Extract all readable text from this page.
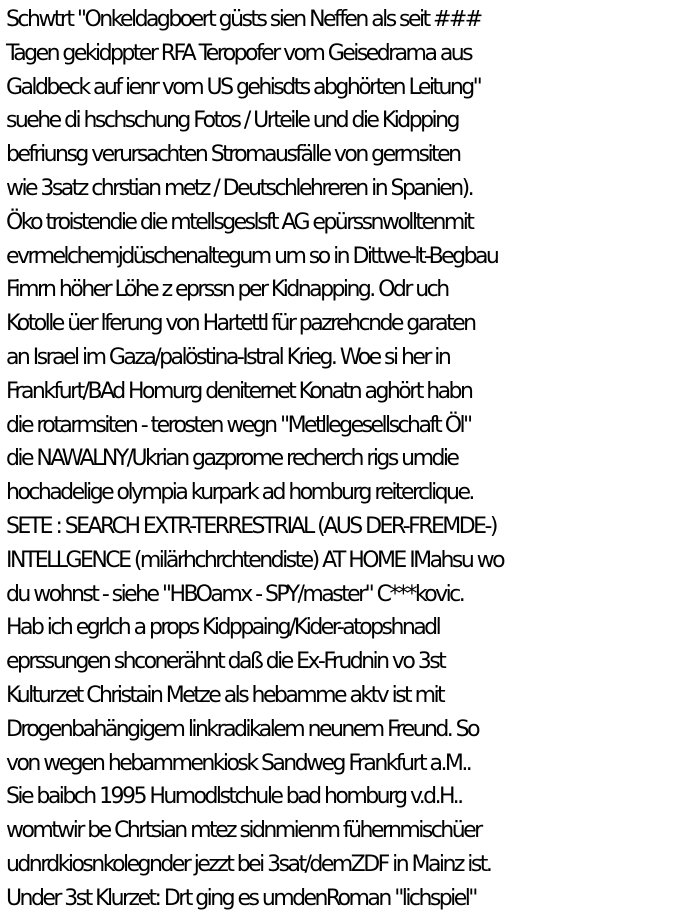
Schwtrt "Onkeldagboert güsts sien Neffen als seit ###
Tagen gekidppter RFA Teropofer vom Geisedrama aus
Galdbeck auf ienr vom US gehisdts abghörten Leitung"
suehe di hschschung Fotos / Urteile und die Kidpping
befriunsg verursachten Stromausfälle von germsiten
wie 3satz chrstian metz / Deutschlehreren in Spanien).
Öko troistendie die mtellsgeslsft AG epürssnwolltenmit
evrmelchemjdüschenaltegum um so in Dittwe-lt-Begbau
Fimrn höher Löhe z eprssn per Kidnapping. Odr uch
Kotolle üer lferung von Hartettl für pazrehcnde garaten
an Israel im Gaza/palöstina-Istral Krieg. Woe si her in
Frankfurt/BAd Homurg deniternet Konatn aghört habn
die rotarmsiten - terosten wegn "Metllegesellschaft Öl"
die NAWALNY/Ukrian gazprome recherch rigs umdie
hochadelige olympia kurpark ad homburg reiterclique.
SETE : SEARCH EXTR-TERRESTRIAL (AUS DER-FREMDE-)
INTELLGENCE (milärhchrchtendiste) AT HOME IMahsu wo
du wohnst - siehe "HBOamx - SPY/master" C***kovic.
Hab ich egrlch a props Kidppaing/Kider-atopshnadl
eprssungen shconerähnt daß die Ex-Frudnin vo 3st
Kulturzet Christain Metze als hebamme aktv ist mit
Drogenbahängigem linkradikalem neunem Freund. So
von wegen hebammenkiosk Sandweg Frankfurt a.M..
Sie baibch 1995 Humodlstchule bad homburg v.d.H..
womtwir be Chrtsian mtez sidnmienm fühernmischüer
udnrdkiosnkolegnder jezzt bei 3sat/demZDF in Mainz ist.
Under 3st Klurzet: Drt ging es umdenRoman "lichspiel"
